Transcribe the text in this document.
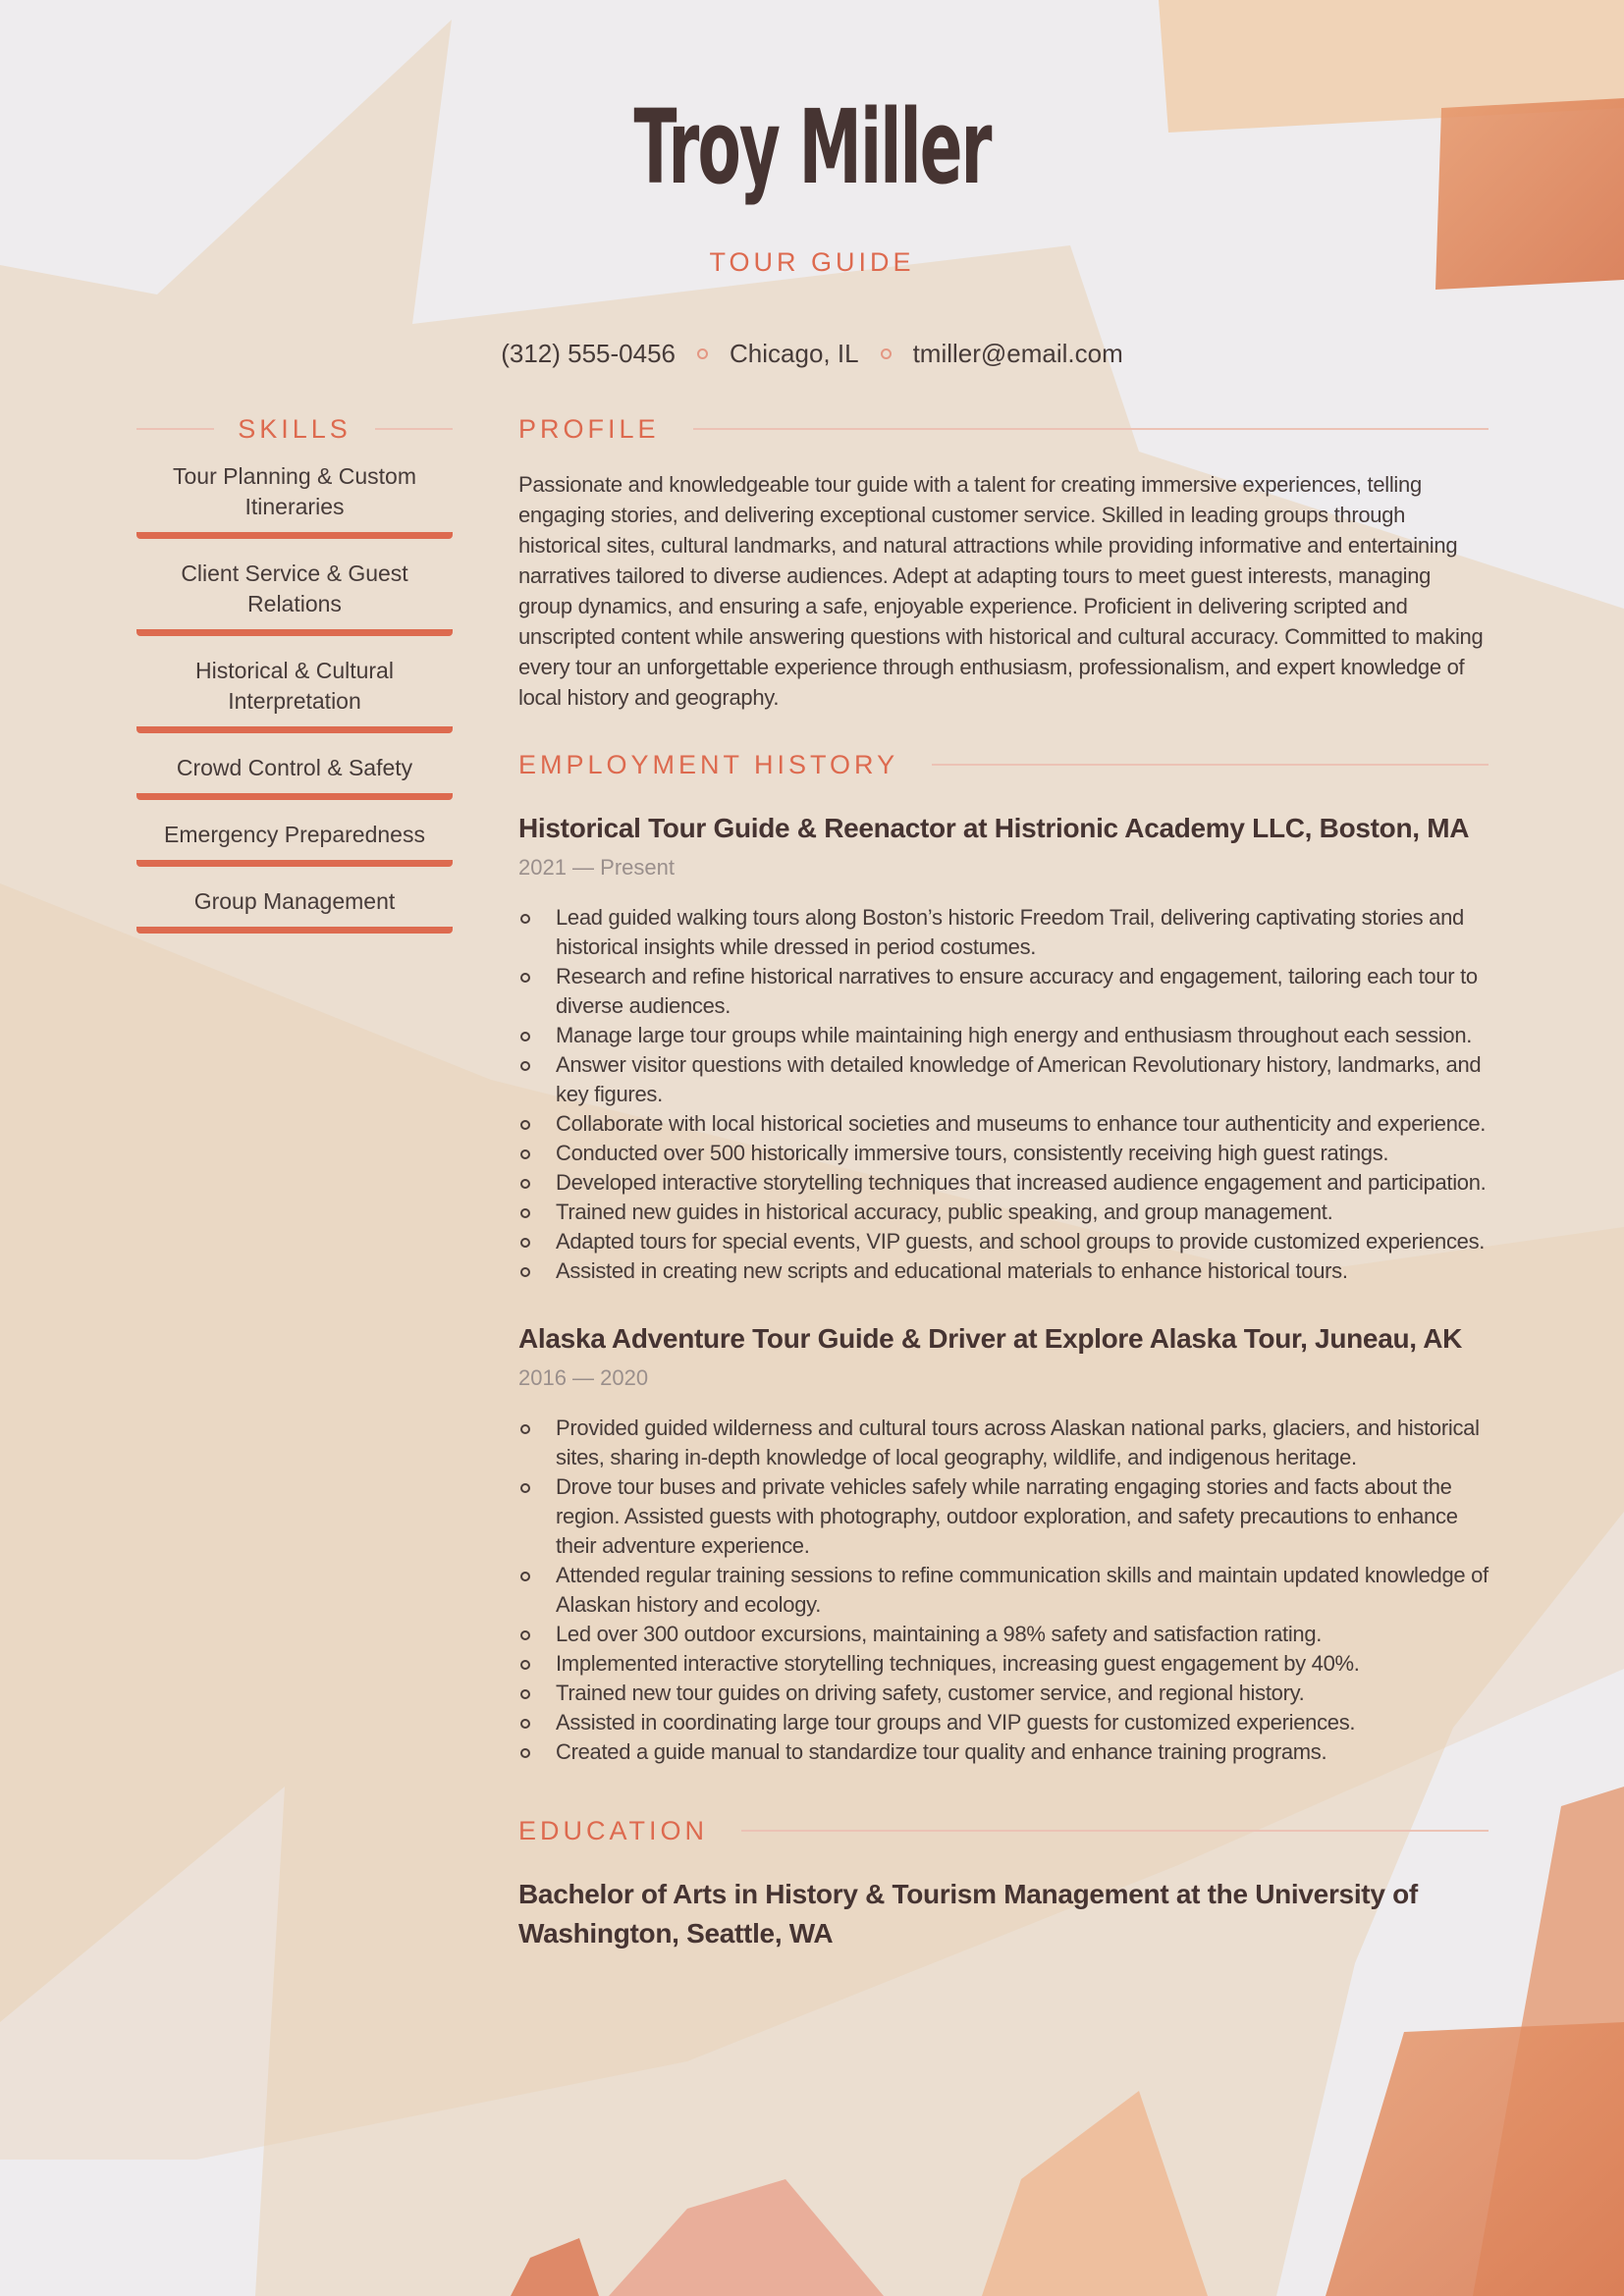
Troy Miller
TOUR GUIDE
(312) 555-0456 Chicago, IL tmiller@email.com
SKILLS
Tour Planning & Custom Itineraries
Client Service & Guest Relations
Historical & Cultural Interpretation
Crowd Control & Safety
Emergency Preparedness
Group Management
PROFILE

Passionate and knowledgeable tour guide with a talent for creating immersive experiences, telling engaging stories, and delivering exceptional customer service. Skilled in leading groups through historical sites, cultural landmarks, and natural attractions while providing informative and entertaining narratives tailored to diverse audiences. Adept at adapting tours to meet guest interests, managing group dynamics, and ensuring a safe, enjoyable experience. Proficient in delivering scripted and unscripted content while answering questions with historical and cultural accuracy. Committed to making every tour an unforgettable experience through enthusiasm, professionalism, and expert knowledge of local history and geography.

EMPLOYMENT HISTORY
Historical Tour Guide & Reenactor at Histrionic Academy LLC, Boston, MA
2021 — Present
Lead guided walking tours along Boston’s historic Freedom Trail, delivering captivating stories and historical insights while dressed in period costumes.
Research and refine historical narratives to ensure accuracy and engagement, tailoring each tour to diverse audiences.
Manage large tour groups while maintaining high energy and enthusiasm throughout each session.
Answer visitor questions with detailed knowledge of American Revolutionary history, landmarks, and key figures.
Collaborate with local historical societies and museums to enhance tour authenticity and experience.
Conducted over 500 historically immersive tours, consistently receiving high guest ratings.
Developed interactive storytelling techniques that increased audience engagement and participation.
Trained new guides in historical accuracy, public speaking, and group management.
Adapted tours for special events, VIP guests, and school groups to provide customized experiences.
Assisted in creating new scripts and educational materials to enhance historical tours.
Alaska Adventure Tour Guide & Driver at Explore Alaska Tour, Juneau, AK
2016 — 2020
Provided guided wilderness and cultural tours across Alaskan national parks, glaciers, and historical sites, sharing in-depth knowledge of local geography, wildlife, and indigenous heritage.
Drove tour buses and private vehicles safely while narrating engaging stories and facts about the region. Assisted guests with photography, outdoor exploration, and safety precautions to enhance their adventure experience.
Attended regular training sessions to refine communication skills and maintain updated knowledge of Alaskan history and ecology.
Led over 300 outdoor excursions, maintaining a 98% safety and satisfaction rating.
Implemented interactive storytelling techniques, increasing guest engagement by 40%.
Trained new tour guides on driving safety, customer service, and regional history.
Assisted in coordinating large tour groups and VIP guests for customized experiences.
Created a guide manual to standardize tour quality and enhance training programs.
EDUCATION
Bachelor of Arts in History & Tourism Management at the University of Washington, Seattle, WA
